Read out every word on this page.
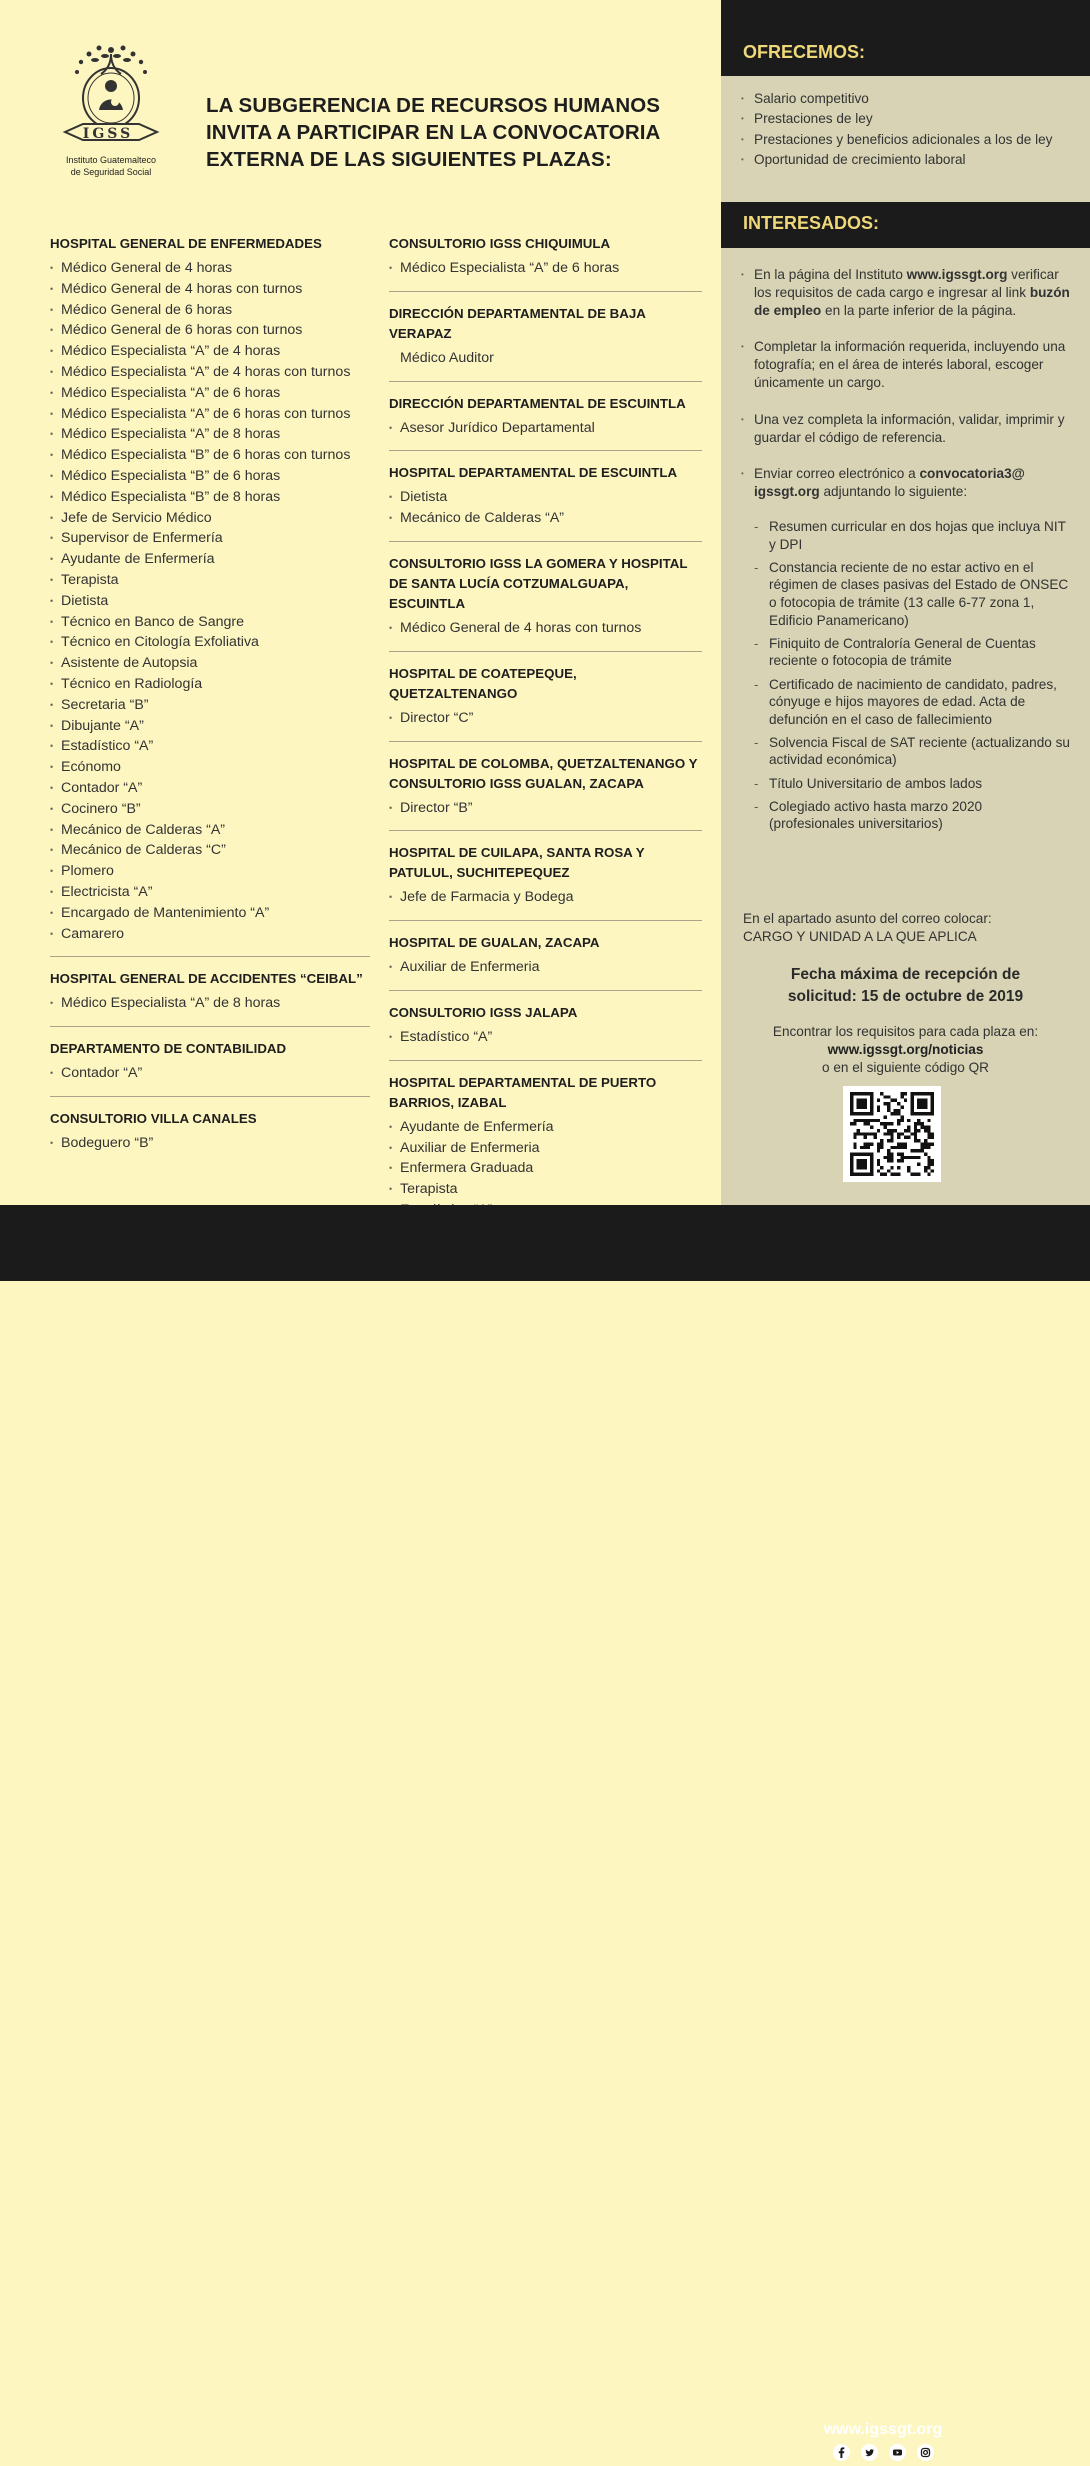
IGSS
Instituto Guatemalteco
de Seguridad Social
LA SUBGERENCIA DE RECURSOS HUMANOS INVITA A PARTICIPAR EN LA CONVOCATORIA EXTERNA DE LAS SIGUIENTES PLAZAS:
HOSPITAL GENERAL DE ENFERMEDADES
• Médico General de 4 horas
• Médico General de 4 horas con turnos
• Médico General de 6 horas
• Médico General de 6 horas con turnos
• Médico Especialista “A” de 4 horas
• Médico Especialista “A” de 4 horas con turnos
• Médico Especialista “A” de 6 horas
• Médico Especialista “A” de 6 horas con turnos
• Médico Especialista “A” de 8 horas
• Médico Especialista “B” de 6 horas con turnos
• Médico Especialista “B” de 6 horas
• Médico Especialista “B” de 8 horas
• Jefe de Servicio Médico
• Supervisor de Enfermería
• Ayudante de Enfermería
• Terapista
• Dietista
• Técnico en Banco de Sangre
• Técnico en Citología Exfoliativa
• Asistente de Autopsia
• Técnico en Radiología
• Secretaria “B”
• Dibujante “A”
• Estadístico “A”
• Ecónomo
• Contador “A”
• Cocinero “B”
• Mecánico de Calderas “A”
• Mecánico de Calderas “C”
• Plomero
• Electricista “A”
• Encargado de Mantenimiento “A”
• Camarero
HOSPITAL GENERAL DE ACCIDENTES “CEIBAL”
• Médico Especialista “A” de 8 horas
DEPARTAMENTO DE CONTABILIDAD
• Contador “A”
CONSULTORIO VILLA CANALES
• Bodeguero “B”
CONSULTORIO IGSS CHIQUIMULA
• Médico Especialista “A” de 6 horas
DIRECCIÓN DEPARTAMENTAL DE BAJA VERAPAZ
Médico Auditor
DIRECCIÓN DEPARTAMENTAL DE ESCUINTLA
• Asesor Jurídico Departamental
HOSPITAL DEPARTAMENTAL DE ESCUINTLA
• Dietista
• Mecánico de Calderas “A”
CONSULTORIO IGSS LA GOMERA Y HOSPITAL DE SANTA LUCÍA COTZUMALGUAPA, ESCUINTLA
• Médico General de 4 horas con turnos
HOSPITAL DE COATEPEQUE, QUETZALTENANGO
• Director “C”
HOSPITAL DE COLOMBA, QUETZALTENANGO Y CONSULTORIO IGSS GUALAN, ZACAPA
• Director “B”
HOSPITAL DE CUILAPA, SANTA ROSA Y PATULUL, SUCHITEPEQUEZ
• Jefe de Farmacia y Bodega
HOSPITAL DE GUALAN, ZACAPA
• Auxiliar de Enfermeria
CONSULTORIO IGSS JALAPA
• Estadístico “A”
HOSPITAL DEPARTAMENTAL DE PUERTO BARRIOS, IZABAL
• Ayudante de Enfermería
• Auxiliar de Enfermeria
• Enfermera Graduada
• Terapista
•
•
OFRECEMOS:
• Salario competitivo
• Prestaciones de ley
• Prestaciones y beneficios adicionales a los de ley
• Oportunidad de crecimiento laboral
INTERESADOS:
• En la página del Instituto www.igssgt.org verificar los requisitos de cada cargo e ingresar al link buzón de empleo en la parte inferior de la página.
• Completar la información requerida, incluyendo una fotografía; en el área de interés laboral, escoger únicamente un cargo.
• Una vez completa la información, validar, imprimir y guardar el código de referencia.
• Enviar correo electrónico a convocatoria3@ igssgt.org adjuntando lo siguiente:
- Resumen curricular en dos hojas que incluya NIT y DPI
- Constancia reciente de no estar activo en el régimen de clases pasivas del Estado de ONSEC o fotocopia de trámite (13 calle 6-77 zona 1, Edificio Panamericano)
- Finiquito de Contraloría General de Cuentas reciente o fotocopia de trámite
- Certificado de nacimiento de candidato, padres, cónyuge e hijos mayores de edad. Acta de defunción en el caso de fallecimiento
- Solvencia Fiscal de SAT reciente (actualizando su actividad económica)
- Título Universitario de ambos lados
- Colegiado activo hasta marzo 2020 (profesionales universitarios)
En el apartado asunto del correo colocar:
CARGO Y UNIDAD A LA QUE APLICA
Fecha máxima de recepción de
solicitud: 15 de octubre de 2019
Encontrar los requisitos para cada plaza en:
www.igssgt.org/noticias
o en el siguiente código QR
www.igssgt.org
